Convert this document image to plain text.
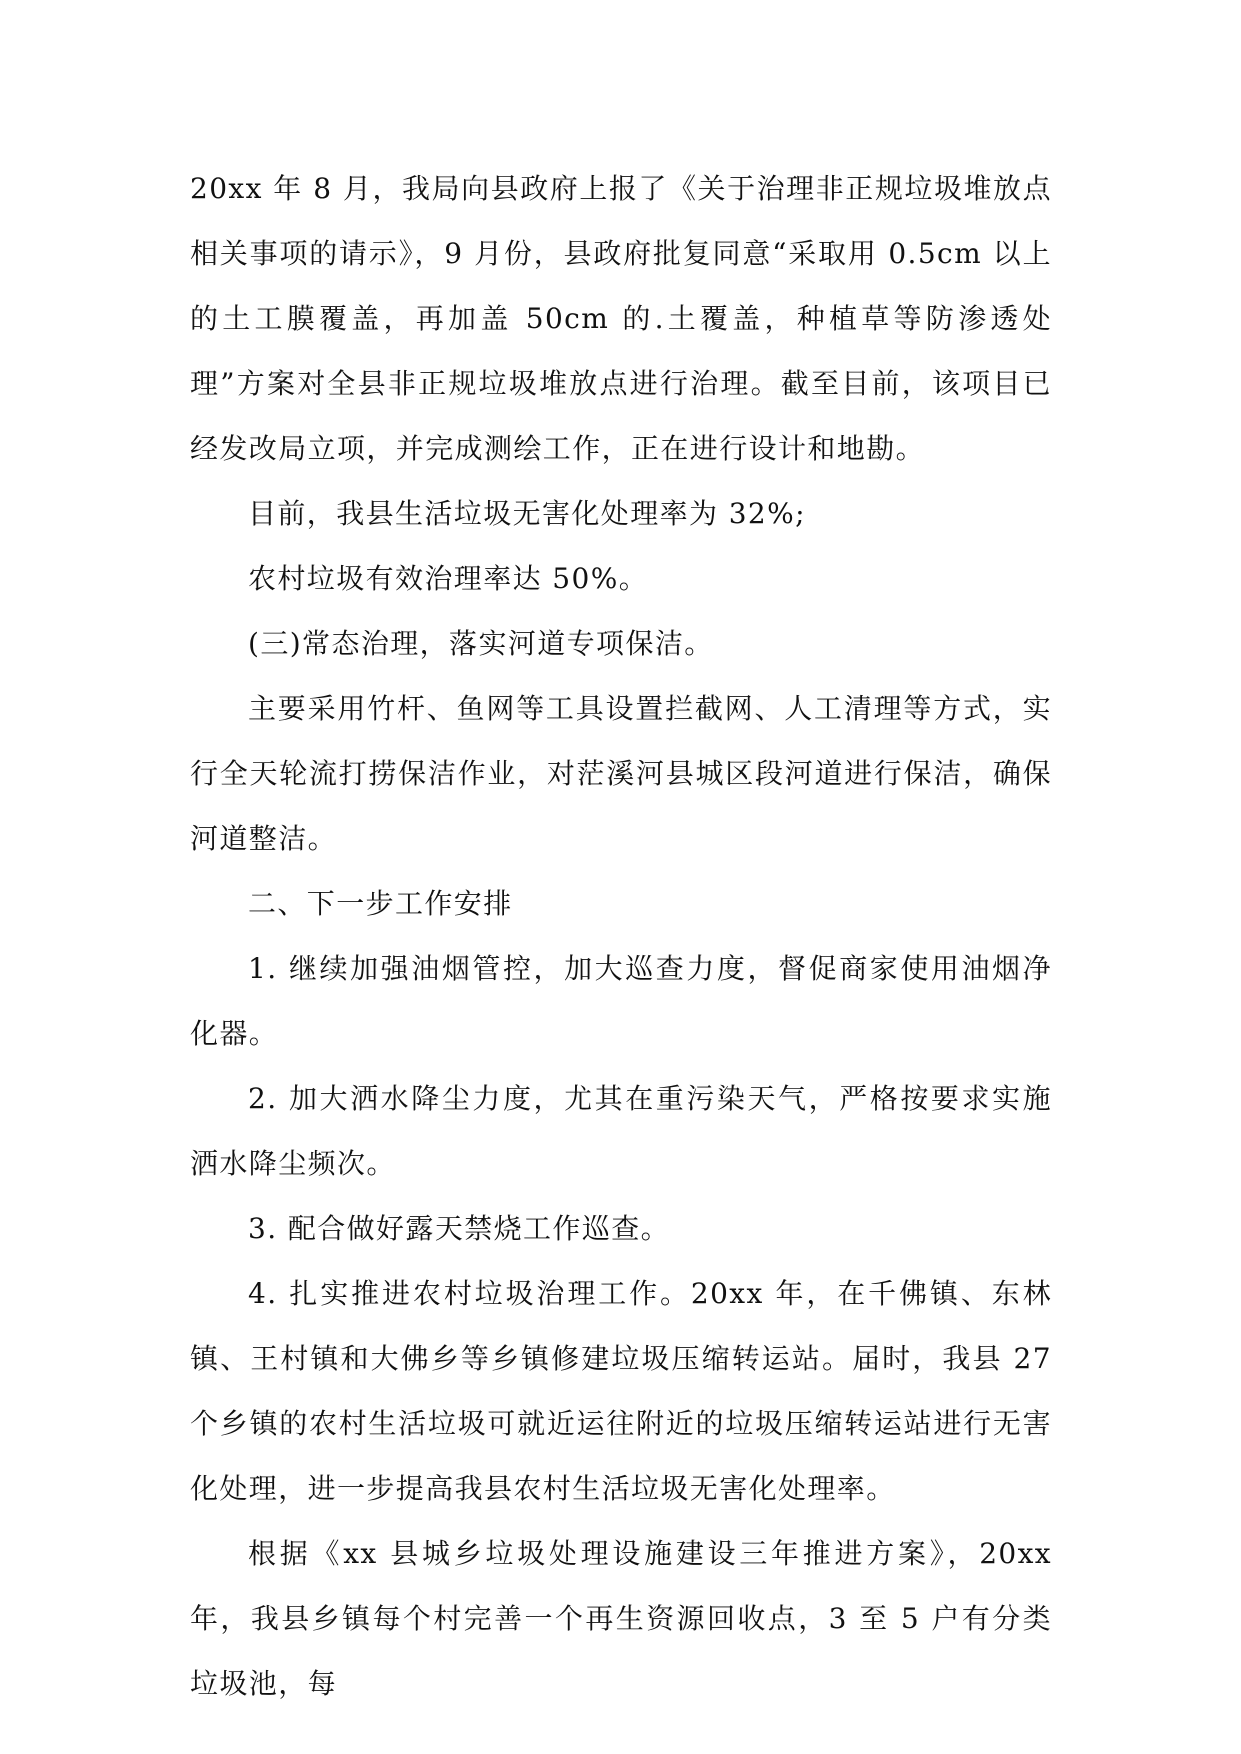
20xx 年 8 月，我局向县政府上报了《关于治理非正规垃圾堆放点相关事项的请示》，9 月份，县政府批复同意“采取用 0.5cm 以上的土工膜覆盖，再加盖 50cm 的.土覆盖，种植草等防渗透处理”方案对全县非正规垃圾堆放点进行治理。截至目前，该项目已经发改局立项，并完成测绘工作，正在进行设计和地勘。

目前，我县生活垃圾无害化处理率为 32%;

农村垃圾有效治理率达 50%。

(三)常态治理，落实河道专项保洁。

主要采用竹杆、鱼网等工具设置拦截网、人工清理等方式，实行全天轮流打捞保洁作业，对茫溪河县城区段河道进行保洁，确保河道整洁。

二、下一步工作安排

1. 继续加强油烟管控，加大巡查力度，督促商家使用油烟净化器。

2. 加大洒水降尘力度，尤其在重污染天气，严格按要求实施洒水降尘频次。

3. 配合做好露天禁烧工作巡查。

4. 扎实推进农村垃圾治理工作。20xx 年，在千佛镇、东林镇、王村镇和大佛乡等乡镇修建垃圾压缩转运站。届时，我县 27 个乡镇的农村生活垃圾可就近运往附近的垃圾压缩转运站进行无害化处理，进一步提高我县农村生活垃圾无害化处理率。

根据《xx 县城乡垃圾处理设施建设三年推进方案》，20xx 年，我县乡镇每个村完善一个再生资源回收点，3 至 5 户有分类垃圾池，每
